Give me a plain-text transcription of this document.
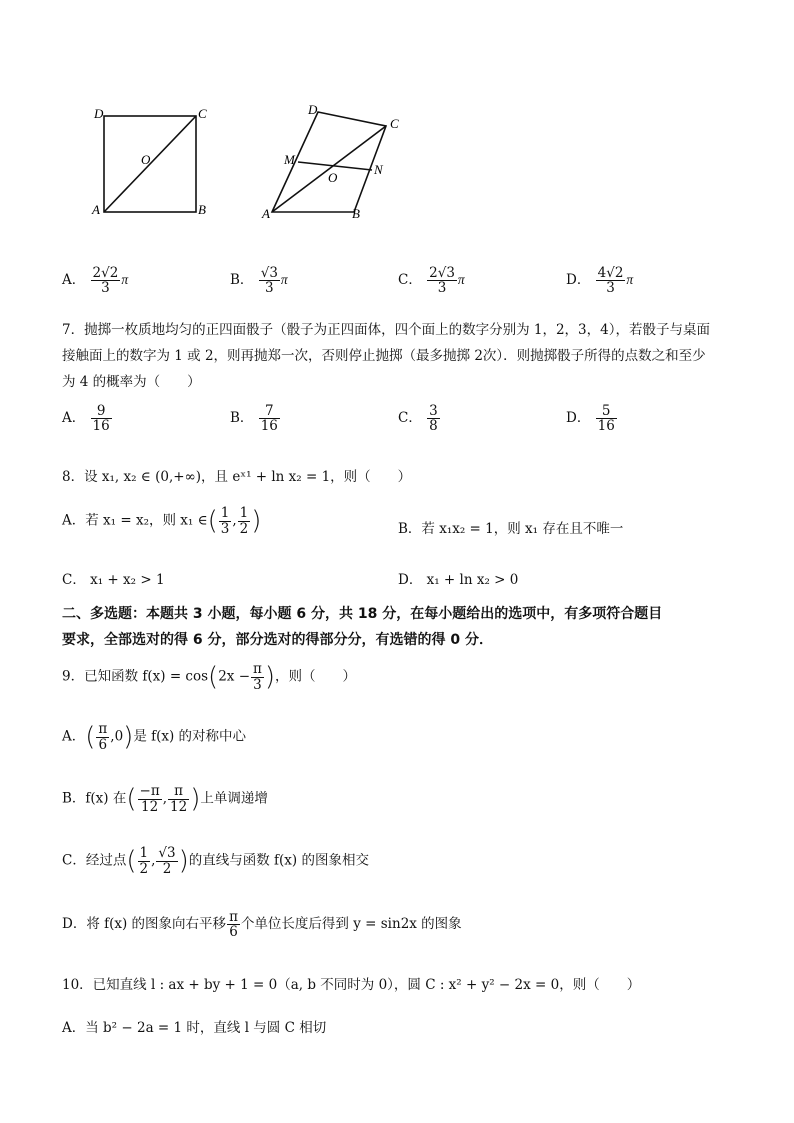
D	C
O
A	B
D
C
M
O
N
A	B
A． $\frac{2√2}{3}$ π	B． $\frac{√3}{3}$ π	C． $\frac{2√3}{3}$ π	D． $\frac{4√2}{3}$ π
7．抛掷一枚质地均匀的正四面骰子（骰子为正四面体，四个面上的数字分别为 1，2，3，4），若骰子与桌面
接触面上的数字为 1 或 2，则再抛郑一次，否则停止抛掷（最多抛掷 2次）．则抛掷骰子所得的点数之和至少
为 4 的概率为（　　）
A． $\frac{9}{16}$	B． $\frac{7}{16}$	C． $\frac{3}{8}$	D． $\frac{5}{16}$
8．设 x₁, x₂ ∈ (0,+∞)，且 eˣ¹ + ln x₂ = 1，则（　　）
A．若 x₁ = x₂，则 x₁ ∈( $\frac{1}{3}$ , $\frac{1}{2}$ )	B．若 x₁x₂ = 1，则 x₁ 存在且不唯一
C． x₁ + x₂ > 1	D． x₁ + ln x₂ > 0
二、多选题：本题共 3 小题，每小题 6 分，共 18 分，在每小题给出的选项中，有多项符合题目
要求，全部选对的得 6 分，部分选对的得部分分，有选错的得 0 分．
9．已知函数 $f(x) = \cos(2x - \frac{\pi}{3}$ )，则（　　）
A．( $\frac{\pi}{6} ,0$)是 f(x) 的对称中心
B．f(x) 在( $\frac{-\pi}{12}$ , $\frac{\pi}{12}$ )上单调递增
C．经过点( $\frac{1}{2}$ , $\frac{√3}{2}$ )的直线与函数 f(x) 的图象相交
D．将 f(x) 的图象向右平移 $\frac{\pi}{6}$ 个单位长度后得到 y = sin2x 的图象
10．已知直线 l : ax + by + 1 = 0（a, b 不同时为 0），圆 C : x² + y² − 2x = 0，则（　　）
A．当 b² − 2a = 1 时，直线 l 与圆 C 相切
